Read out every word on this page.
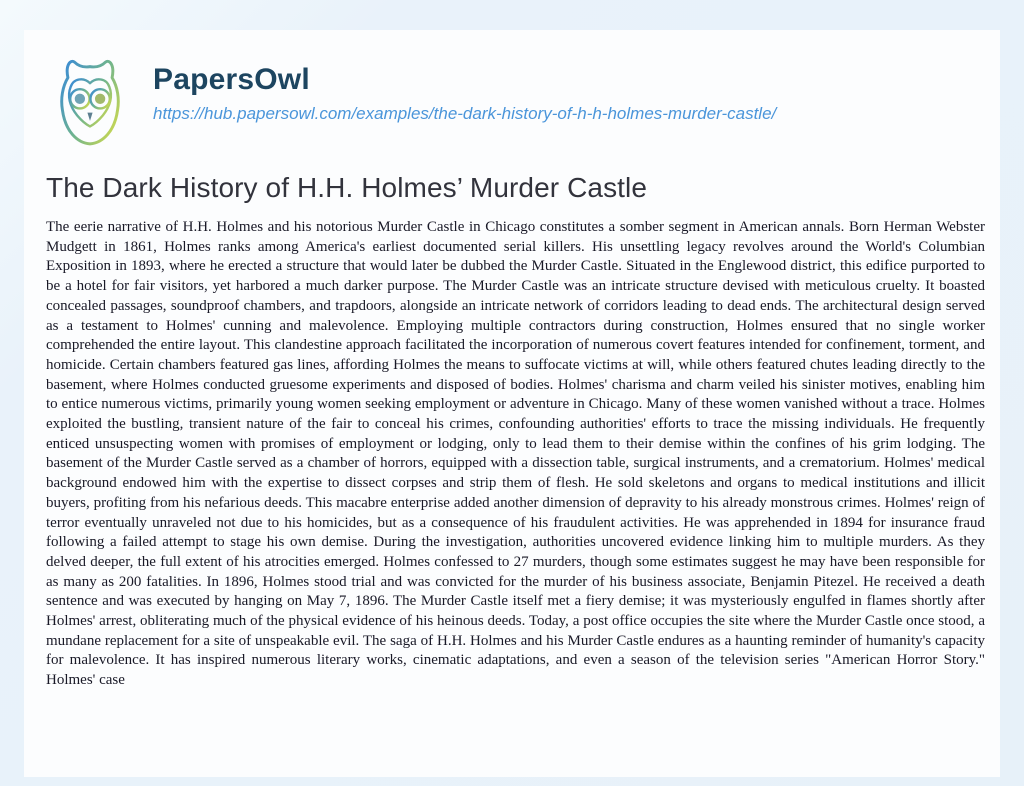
PapersOwl
https://hub.papersowl.com/examples/the-dark-history-of-h-h-holmes-murder-castle/
The Dark History of H.H. Holmes’ Murder Castle

The eerie narrative of H.H. Holmes and his notorious Murder Castle in Chicago constitutes a somber segment in American annals. Born Herman Webster Mudgett in 1861, Holmes ranks among America's earliest documented serial killers. His unsettling legacy revolves around the World's Columbian Exposition in 1893, where he erected a structure that would later be dubbed the Murder Castle. Situated in the Englewood district, this edifice purported to be a hotel for fair visitors, yet harbored a much darker purpose. The Murder Castle was an intricate structure devised with meticulous cruelty. It boasted concealed passages, soundproof chambers, and trapdoors, alongside an intricate network of corridors leading to dead ends. The architectural design served as a testament to Holmes' cunning and malevolence. Employing multiple contractors during construction, Holmes ensured that no single worker comprehended the entire layout. This clandestine approach facilitated the incorporation of numerous covert features intended for confinement, torment, and homicide. Certain chambers featured gas lines, affording Holmes the means to suffocate victims at will, while others featured chutes leading directly to the basement, where Holmes conducted gruesome experiments and disposed of bodies. Holmes' charisma and charm veiled his sinister motives, enabling him to entice numerous victims, primarily young women seeking employment or adventure in Chicago. Many of these women vanished without a trace. Holmes exploited the bustling, transient nature of the fair to conceal his crimes, confounding authorities' efforts to trace the missing individuals. He frequently enticed unsuspecting women with promises of employment or lodging, only to lead them to their demise within the confines of his grim lodging. The basement of the Murder Castle served as a chamber of horrors, equipped with a dissection table, surgical instruments, and a crematorium. Holmes' medical background endowed him with the expertise to dissect corpses and strip them of flesh. He sold skeletons and organs to medical institutions and illicit buyers, profiting from his nefarious deeds. This macabre enterprise added another dimension of depravity to his already monstrous crimes. Holmes' reign of terror eventually unraveled not due to his homicides, but as a consequence of his fraudulent activities. He was apprehended in 1894 for insurance fraud following a failed attempt to stage his own demise. During the investigation, authorities uncovered evidence linking him to multiple murders. As they delved deeper, the full extent of his atrocities emerged. Holmes confessed to 27 murders, though some estimates suggest he may have been responsible for as many as 200 fatalities. In 1896, Holmes stood trial and was convicted for the murder of his business associate, Benjamin Pitezel. He received a death sentence and was executed by hanging on May 7, 1896. The Murder Castle itself met a fiery demise; it was mysteriously engulfed in flames shortly after Holmes' arrest, obliterating much of the physical evidence of his heinous deeds. Today, a post office occupies the site where the Murder Castle once stood, a mundane replacement for a site of unspeakable evil. The saga of H.H. Holmes and his Murder Castle endures as a haunting reminder of humanity's capacity for malevolence. It has inspired numerous literary works, cinematic adaptations, and even a season of the television series "American Horror Story." Holmes' case
